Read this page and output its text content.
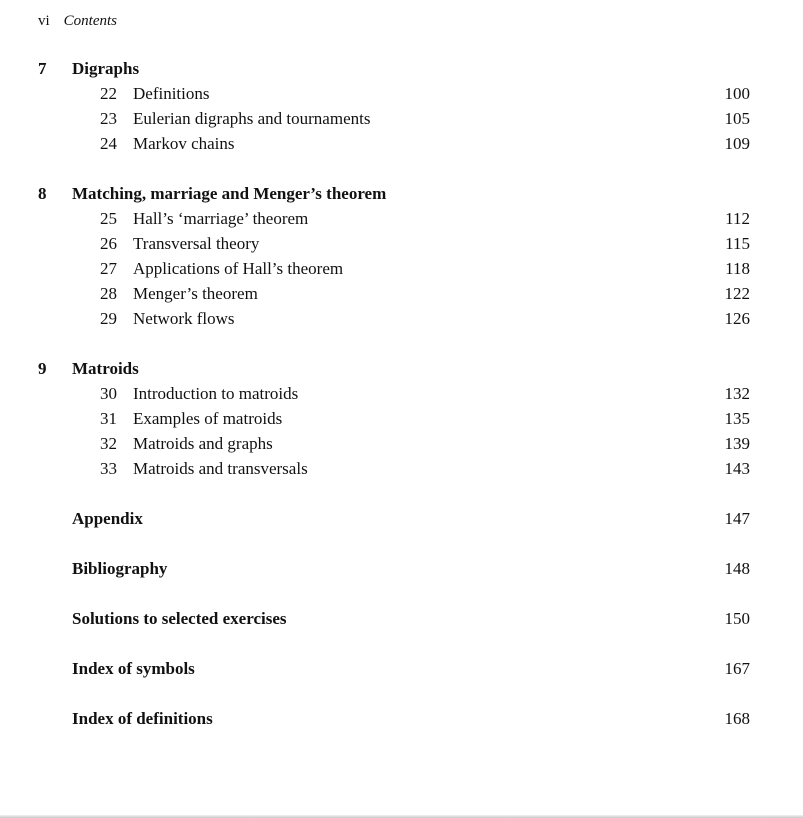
vi Contents
7	Digraphs
22 Definitions	100
23 Eulerian digraphs and tournaments	105
24 Markov chains	109
8	Matching, marriage and Menger’s theorem
25 Hall’s ‘marriage’ theorem	112
26 Transversal theory	115
27 Applications of Hall’s theorem	118
28 Menger’s theorem	122
29 Network flows	126
9	Matroids
30 Introduction to matroids	132
31 Examples of matroids	135
32 Matroids and graphs	139
33 Matroids and transversals	143
Appendix	147
Bibliography	148
Solutions to selected exercises	150
Index of symbols	167
Index of definitions	168
